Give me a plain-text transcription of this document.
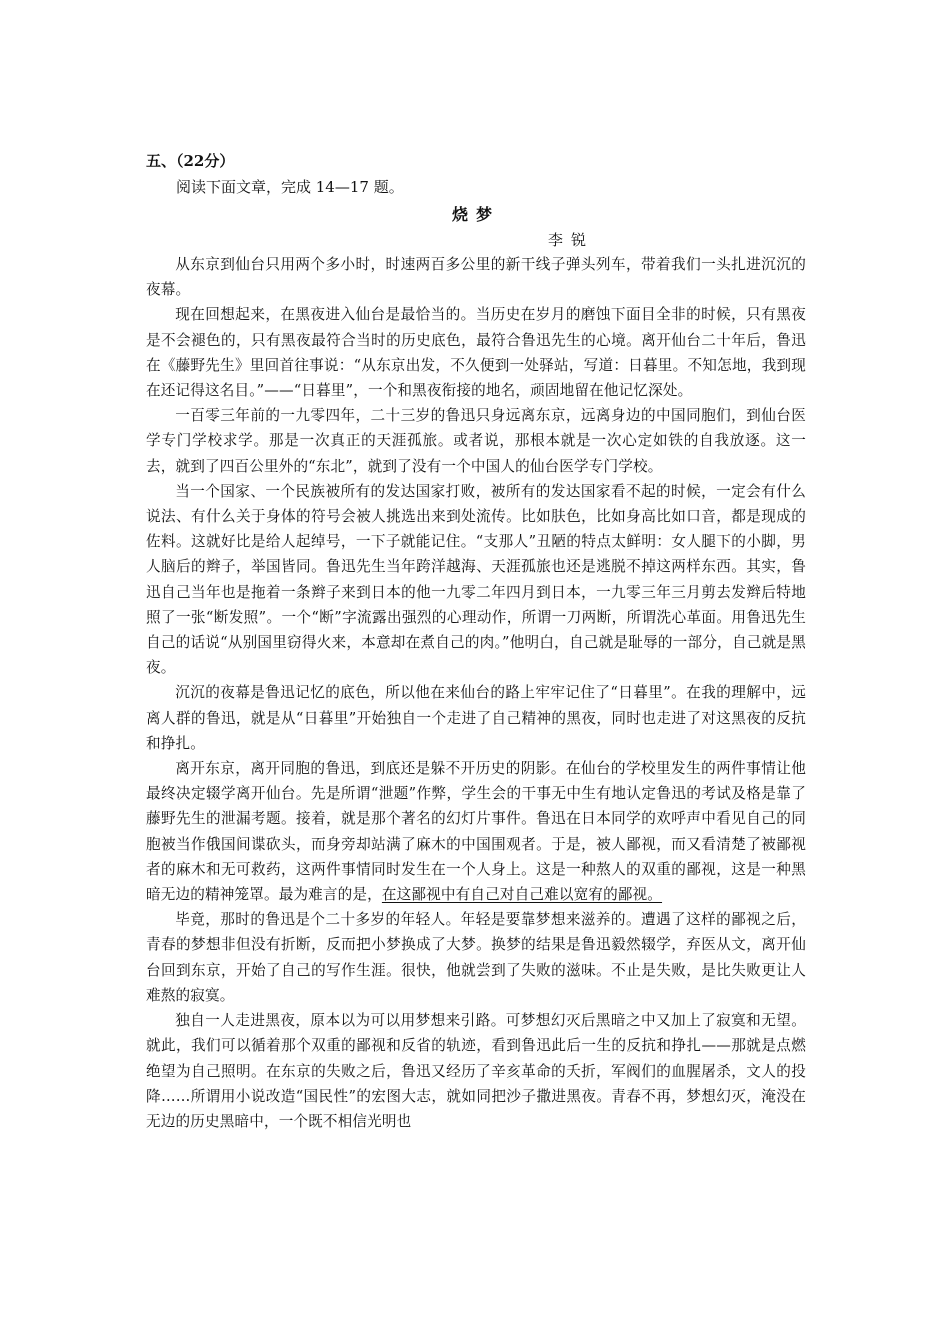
五、（22分）
阅读下面文章，完成 14—17 题。
烧梦
李锐

从东京到仙台只用两个多小时，时速两百多公里的新干线子弹头列车，带着我们一头扎进沉沉的夜幕。

现在回想起来，在黑夜进入仙台是最恰当的。当历史在岁月的磨蚀下面目全非的时候，只有黑夜是不会褪色的，只有黑夜最符合当时的历史底色，最符合鲁迅先生的心境。离开仙台二十年后，鲁迅在《藤野先生》里回首往事说：“从东京出发，不久便到一处驿站，写道：日暮里。不知怎地，我到现在还记得这名目。”——“日暮里”，一个和黑夜衔接的地名，顽固地留在他记忆深处。

一百零三年前的一九零四年，二十三岁的鲁迅只身远离东京，远离身边的中国同胞们，到仙台医学专门学校求学。那是一次真正的天涯孤旅。或者说，那根本就是一次心定如铁的自我放逐。这一去，就到了四百公里外的“东北”，就到了没有一个中国人的仙台医学专门学校。

当一个国家、一个民族被所有的发达国家打败，被所有的发达国家看不起的时候，一定会有什么说法、有什么关于身体的符号会被人挑选出来到处流传。比如肤色，比如身高比如口音，都是现成的佐料。这就好比是给人起绰号，一下子就能记住。“支那人”丑陋的特点太鲜明：女人腿下的小脚，男人脑后的辫子，举国皆同。鲁迅先生当年跨洋越海、天涯孤旅也还是逃脱不掉这两样东西。其实，鲁迅自己当年也是拖着一条辫子来到日本的他一九零二年四月到日本，一九零三年三月剪去发辫后特地照了一张“断发照”。一个“断”字流露出强烈的心理动作，所谓一刀两断，所谓洗心革面。用鲁迅先生自己的话说“从别国里窃得火来，本意却在煮自己的肉。”他明白，自己就是耻辱的一部分，自己就是黑夜。

沉沉的夜幕是鲁迅记忆的底色，所以他在来仙台的路上牢牢记住了“日暮里”。在我的理解中，远离人群的鲁迅，就是从“日暮里”开始独自一个走进了自己精神的黑夜，同时也走进了对这黑夜的反抗和挣扎。

离开东京，离开同胞的鲁迅，到底还是躲不开历史的阴影。在仙台的学校里发生的两件事情让他最终决定辍学离开仙台。先是所谓“泄题”作弊，学生会的干事无中生有地认定鲁迅的考试及格是靠了藤野先生的泄漏考题。接着，就是那个著名的幻灯片事件。鲁迅在日本同学的欢呼声中看见自己的同胞被当作俄国间谍砍头，而身旁却站满了麻木的中国围观者。于是，被人鄙视，而又看清楚了被鄙视者的麻木和无可救药，这两件事情同时发生在一个人身上。这是一种熬人的双重的鄙视，这是一种黑暗无边的精神笼罩。最为难言的是，在这鄙视中有自己对自己难以宽宥的鄙视。

毕竟，那时的鲁迅是个二十多岁的年轻人。年轻是要靠梦想来滋养的。遭遇了这样的鄙视之后，青春的梦想非但没有折断，反而把小梦换成了大梦。换梦的结果是鲁迅毅然辍学，弃医从文，离开仙台回到东京，开始了自己的写作生涯。很快，他就尝到了失败的滋味。不止是失败，是比失败更让人难熬的寂寞。

独自一人走进黑夜，原本以为可以用梦想来引路。可梦想幻灭后黑暗之中又加上了寂寞和无望。就此，我们可以循着那个双重的鄙视和反省的轨迹，看到鲁迅此后一生的反抗和挣扎——那就是点燃绝望为自己照明。在东京的失败之后，鲁迅又经历了辛亥革命的夭折，军阀们的血腥屠杀，文人的投降……所谓用小说改造“国民性”的宏图大志，就如同把沙子撒进黑夜。青春不再，梦想幻灭，淹没在无边的历史黑暗中，一个既不相信光明也
